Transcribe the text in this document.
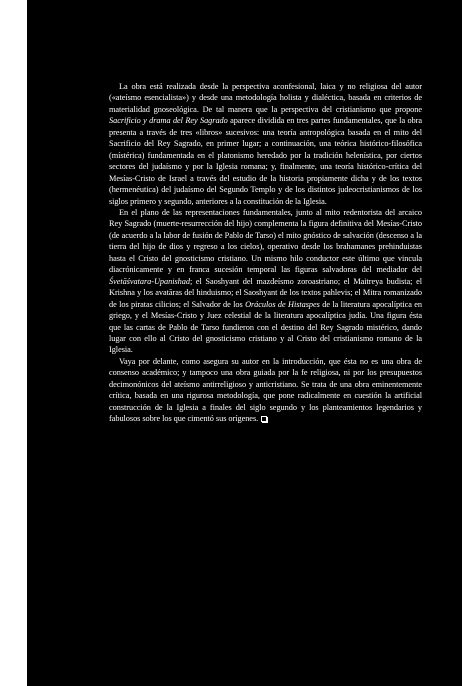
La obra está realizada desde la perspectiva aconfesional, laica y no religiosa del autor («ateísmo esencialista») y desde una metodología holista y dialéctica, basada en criterios de materialidad gnoseológica. De tal manera que la perspectiva del cristianismo que propone Sacrificio y drama del Rey Sagrado aparece dividida en tres partes fundamentales, que la obra presenta a través de tres «libros» sucesivos: una teoría antropológica basada en el mito del Sacrificio del Rey Sagrado, en primer lugar; a continuación, una teórica histórico-filosófica (místérica) fundamentada en el platonismo heredado por la tradición helenística, por ciertos sectores del judaísmo y por la Iglesia romana; y, finalmente, una teoría histórico-crítica del Mesías-Cristo de Israel a través del estudio de la historia propiamente dicha y de los textos (hermenéutica) del judaísmo del Segundo Templo y de los distintos judeocristianismos de los siglos primero y segundo, anteriores a la constitución de la Iglesia.

En el plano de las representaciones fundamentales, junto al mito redentorista del arcaico Rey Sagrado (muerte-resurrección del hijo) complementa la figura definitiva del Mesías-Cristo (de acuerdo a la labor de fusión de Pablo de Tarso) el mito gnóstico de salvación (descenso a la tierra del hijo de dios y regreso a los cielos), operativo desde los brahamanes prehinduistas hasta el Cristo del gnosticismo cristiano. Un mismo hilo conductor este último que vincula diacrónicamente y en franca sucesión temporal las figuras salvadoras del mediador del Śvetāśvatara-Upanishad; el Saoshyant del mazdeísmo zoroastriano; el Maitreya budista; el Krishna y los avatāras del hinduismo; el Saoshyant de los textos pahlevis; el Mitra romanizado de los piratas cilicios; el Salvador de los Oráculos de Histaspes de la literatura apocalíptica en griego, y el Mesías-Cristo y Juez celestial de la literatura apocalíptica judía. Una figura ésta que las cartas de Pablo de Tarso fundieron con el destino del Rey Sagrado mistérico, dando lugar con ello al Cristo del gnosticismo cristiano y al Cristo del cristianismo romano de la Iglesia.

Vaya por delante, como asegura su autor en la introducción, que ésta no es una obra de consenso académico; y tampoco una obra guiada por la fe religiosa, ni por los presupuestos decimonónicos del ateísmo antirreligioso y anticristiano. Se trata de una obra eminentemente crítica, basada en una rigurosa metodología, que pone radicalmente en cuestión la artificial construcción de la Iglesia a finales del siglo segundo y los planteamientos legendarios y fabulosos sobre los que cimentó sus orígenes.
